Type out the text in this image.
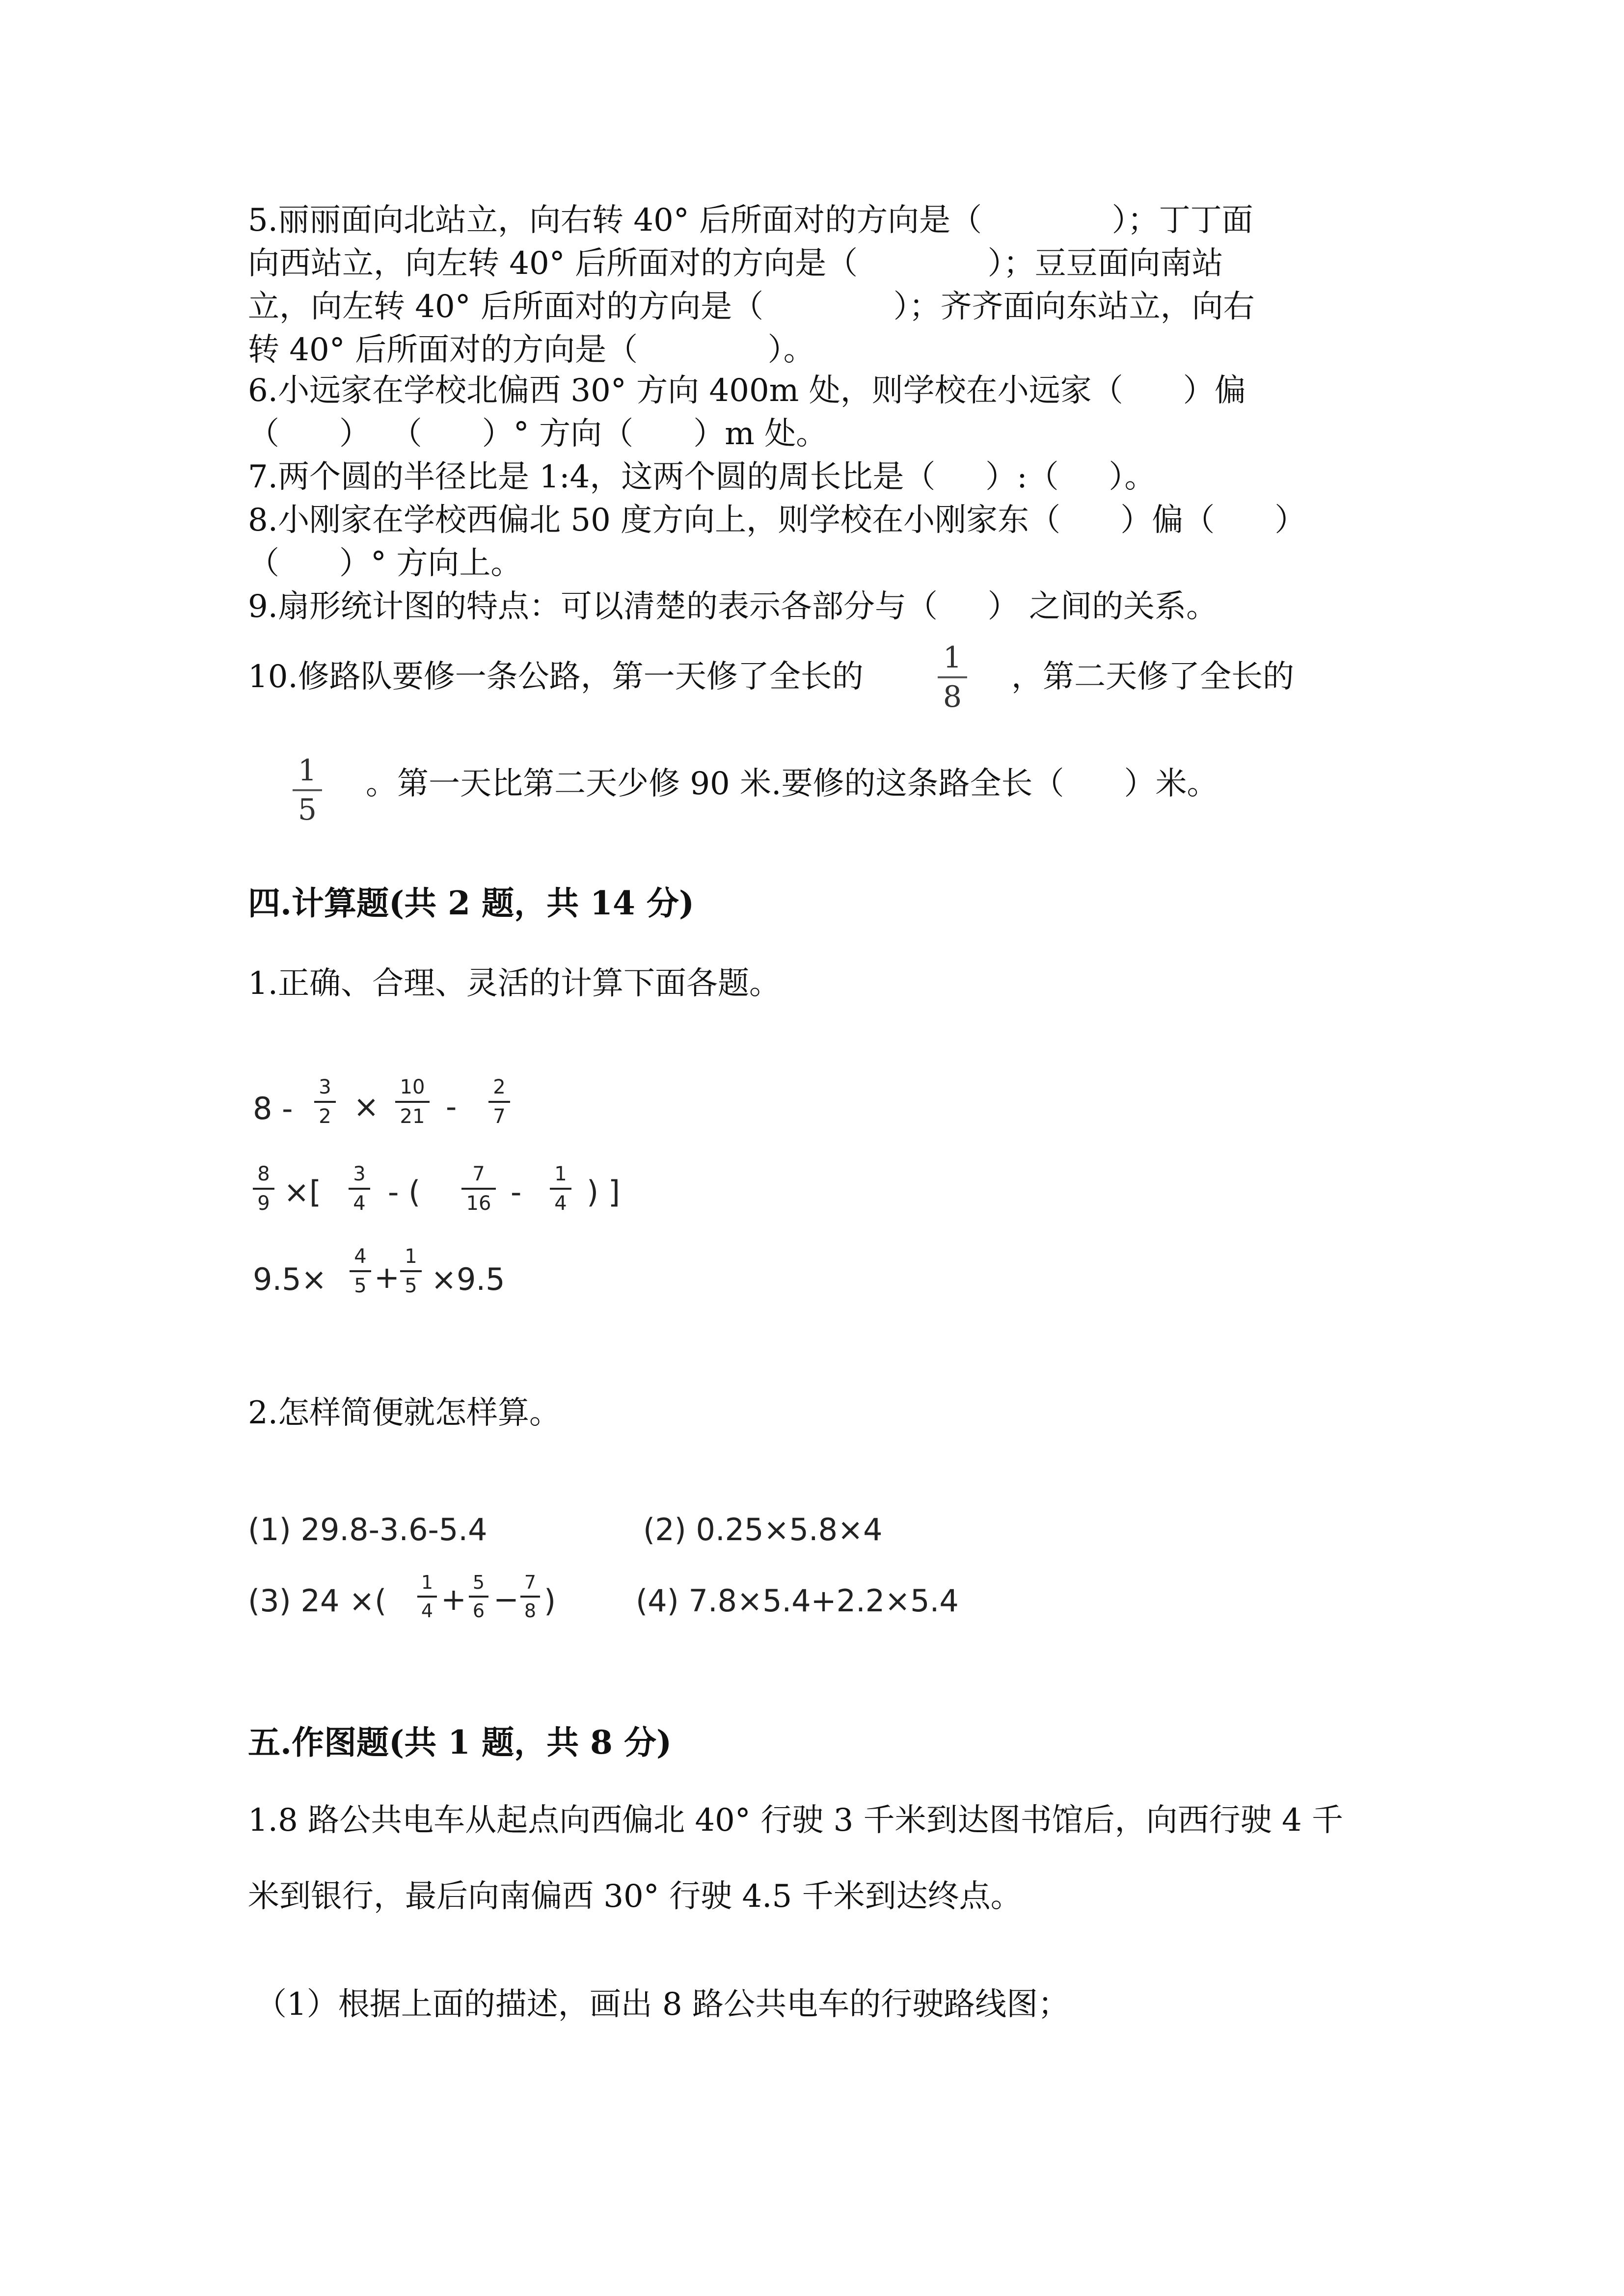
5.丽丽面向北站立，向右转 40° 后所面对的方向是（             ）；丁丁面
向西站立，向左转 40° 后所面对的方向是（             ）；豆豆面向南站
立，向左转 40° 后所面对的方向是（             ）；齐齐面向东站立，向右
转 40° 后所面对的方向是（             ）。
6.小远家在学校北偏西 30° 方向 400m 处，则学校在小远家（      ）偏
（      ）  （      ）° 方向（      ）m 处。
7.两个圆的半径比是 1:4，这两个圆的周长比是（     ）:（     ）。
8.小刚家在学校西偏北 50 度方向上，则学校在小刚家东（      ）偏（      ）
（      ）° 方向上。
9.扇形统计图的特点：可以清楚的表示各部分与（     ） 之间的关系。
10.修路队要修一条公路，第一天修了全长的
1
8
，第二天修了全长的
1
5
。第一天比第二天少修 90 米.要修的这条路全长（      ）米。
四.计算题(共 2 题，共 14 分)
1.正确、合理、灵活的计算下面各题。
8 -
3
2 ×
10
21 -
2
7
8
9 ×[ 3
4 - (	7
16 - 1
4 ) ]
9.5×
4
5 +
1
5 ×9.5
2.怎样简便就怎样算。
(1) 29.8-3.6-5.4	(2) 0.25×5.8×4
(3) 24 ×(
1
4 + 5
6 − 7
8 )	(4) 7.8×5.4+2.2×5.4
五.作图题(共 1 题，共 8 分)
1.8 路公共电车从起点向西偏北 40° 行驶 3 千米到达图书馆后，向西行驶 4 千
米到银行，最后向南偏西 30° 行驶 4.5 千米到达终点。
（1）根据上面的描述，画出 8 路公共电车的行驶路线图；
